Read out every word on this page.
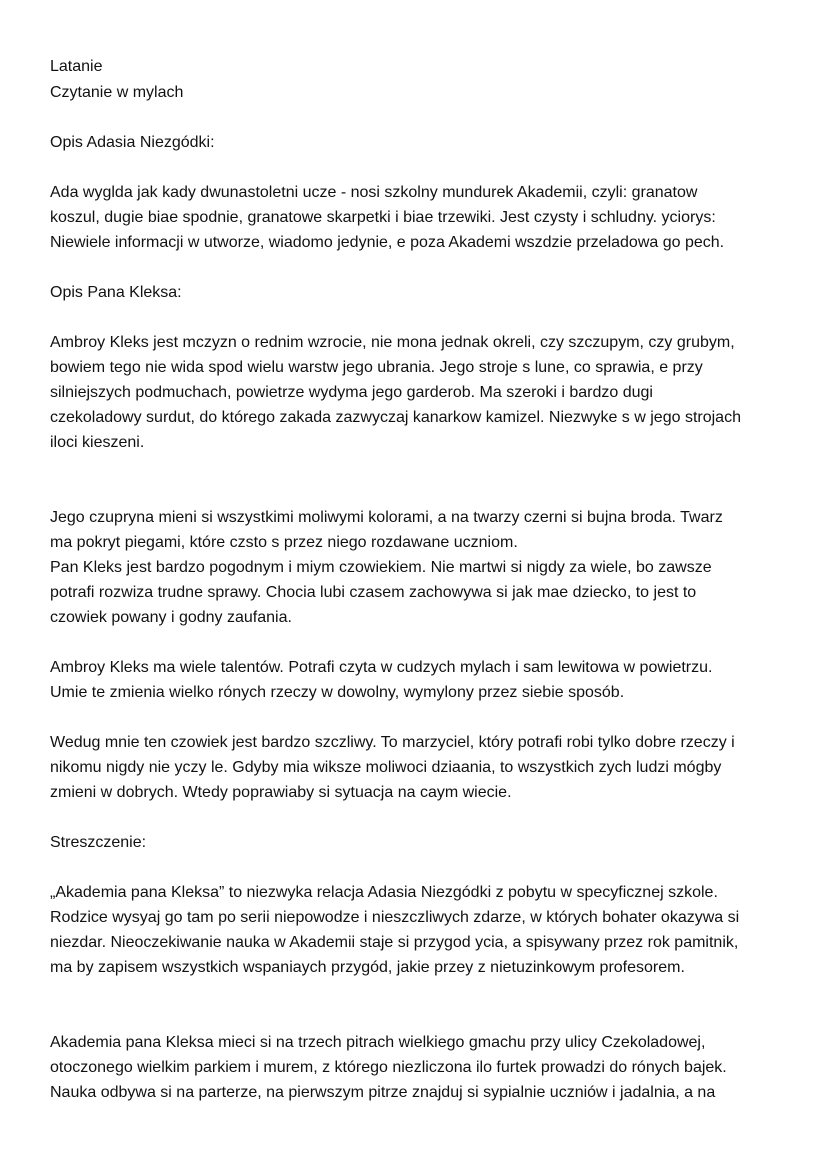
Latanie
Czytanie w mylach
Opis Adasia Niezgódki:
Ada wyglda jak kady dwunastoletni ucze - nosi szkolny mundurek Akademii, czyli: granatow
koszul, dugie biae spodnie, granatowe skarpetki i biae trzewiki. Jest czysty i schludny. yciorys:
Niewiele informacji w utworze, wiadomo jedynie, e poza Akademi wszdzie przeladowa go pech.
Opis Pana Kleksa:
Ambroy Kleks jest mczyzn o rednim wzrocie, nie mona jednak okreli, czy szczupym, czy grubym,
bowiem tego nie wida spod wielu warstw jego ubrania. Jego stroje s lune, co sprawia, e przy
silniejszych podmuchach, powietrze wydyma jego garderob. Ma szeroki i bardzo dugi
czekoladowy surdut, do którego zakada zazwyczaj kanarkow kamizel. Niezwyke s w jego strojach
iloci kieszeni.
Jego czupryna mieni si wszystkimi moliwymi kolorami, a na twarzy czerni si bujna broda. Twarz
ma pokryt piegami, które czsto s przez niego rozdawane uczniom.
Pan Kleks jest bardzo pogodnym i miym czowiekiem. Nie martwi si nigdy za wiele, bo zawsze
potrafi rozwiza trudne sprawy. Chocia lubi czasem zachowywa si jak mae dziecko, to jest to
czowiek powany i godny zaufania.
Ambroy Kleks ma wiele talentów. Potrafi czyta w cudzych mylach i sam lewitowa w powietrzu.
Umie te zmienia wielko rónych rzeczy w dowolny, wymylony przez siebie sposób.
Wedug mnie ten czowiek jest bardzo szczliwy. To marzyciel, który potrafi robi tylko dobre rzeczy i
nikomu nigdy nie yczy le. Gdyby mia wiksze moliwoci dziaania, to wszystkich zych ludzi mógby
zmieni w dobrych. Wtedy poprawiaby si sytuacja na caym wiecie.
Streszczenie:
„Akademia pana Kleksa” to niezwyka relacja Adasia Niezgódki z pobytu w specyficznej szkole.
Rodzice wysyaj go tam po serii niepowodze i nieszczliwych zdarze, w których bohater okazywa si
niezdar. Nieoczekiwanie nauka w Akademii staje si przygod ycia, a spisywany przez rok pamitnik,
ma by zapisem wszystkich wspaniaych przygód, jakie przey z nietuzinkowym profesorem.
Akademia pana Kleksa mieci si na trzech pitrach wielkiego gmachu przy ulicy Czekoladowej,
otoczonego wielkim parkiem i murem, z którego niezliczona ilo furtek prowadzi do rónych bajek.
Nauka odbywa si na parterze, na pierwszym pitrze znajduj si sypialnie uczniów i jadalnia, a na
